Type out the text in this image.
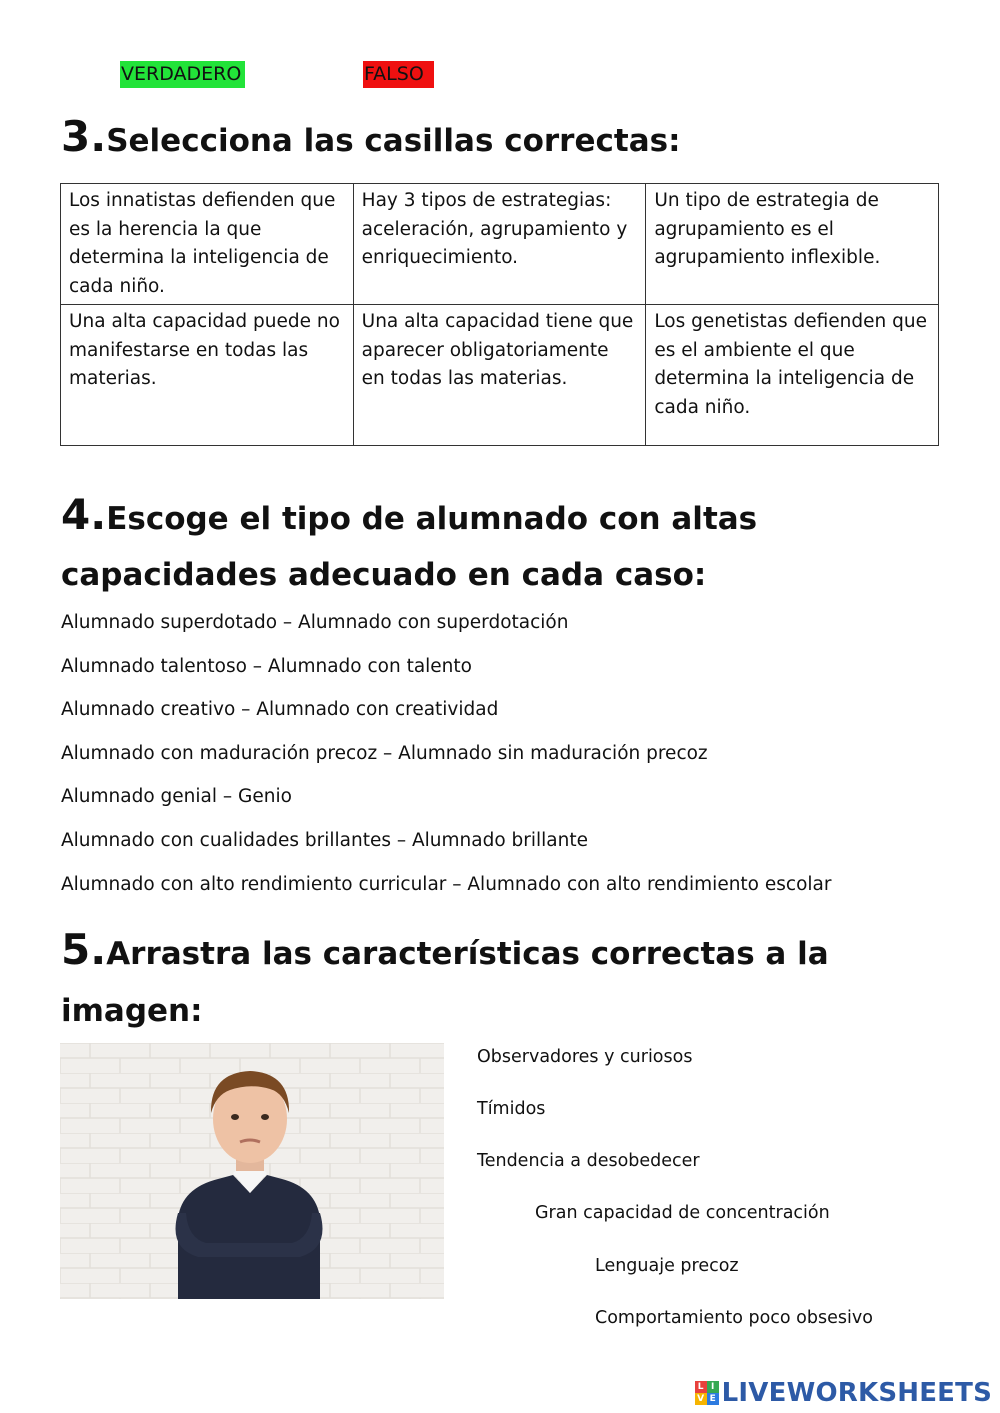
VERDADERO	FALSO
3.Selecciona las casillas correctas:
Los innatistas defienden que es la herencia la que determina la inteligencia de cada niño.	Hay 3 tipos de estrategias: aceleración, agrupamiento y enriquecimiento.	Un tipo de estrategia de agrupamiento es el agrupamiento inflexible.
Una alta capacidad puede no manifestarse en todas las materias.	Una alta capacidad tiene que aparecer obligatoriamente en todas las materias.	Los genetistas defienden que es el ambiente el que determina la inteligencia de cada niño.
4.Escoge el tipo de alumnado con altas capacidades adecuado en cada caso:
Alumnado superdotado – Alumnado con superdotación
Alumnado talentoso – Alumnado con talento
Alumnado creativo – Alumnado con creatividad
Alumnado con maduración precoz – Alumnado sin maduración precoz
Alumnado genial – Genio
Alumnado con cualidades brillantes – Alumnado brillante
Alumnado con alto rendimiento curricular – Alumnado con alto rendimiento escolar
5.Arrastra las características correctas a la imagen:
Observadores y curiosos
Tímidos
Tendencia a desobedecer
Gran capacidad de concentración
Lenguaje precoz
Comportamiento poco obsesivo
L I
V E LIVEWORKSHEETS
